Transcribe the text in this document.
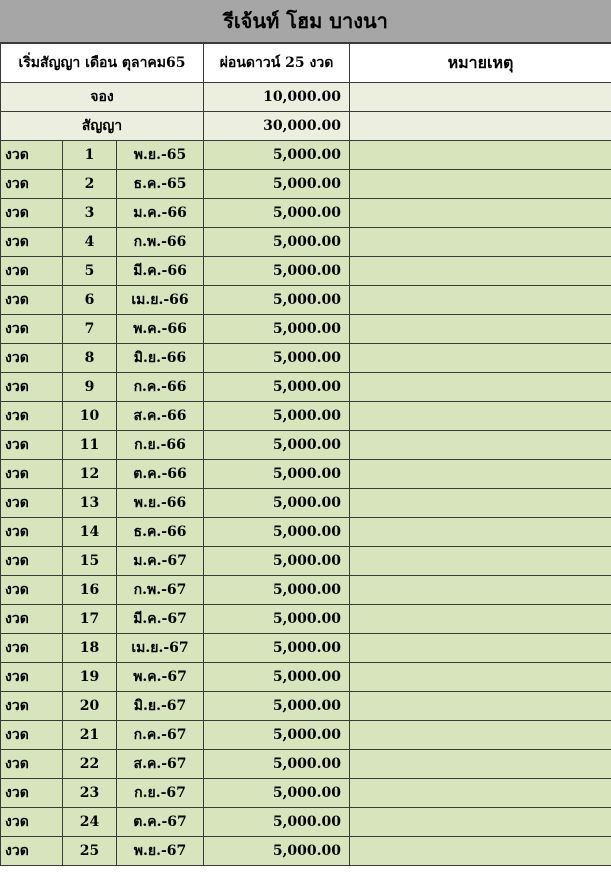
รีเจ้นท์ โฮม บางนา
เริ่มสัญญา เดือน ตุลาคม65			ผ่อนดาวน์ 25 งวด	หมายเหตุ
จอง			10,000.00	
สัญญา			30,000.00	
งวด	1	พ.ย.-65	5,000.00	
งวด	2	ธ.ค.-65	5,000.00	
งวด	3	ม.ค.-66	5,000.00	
งวด	4	ก.พ.-66	5,000.00	
งวด	5	มี.ค.-66	5,000.00	
งวด	6	เม.ย.-66	5,000.00	
งวด	7	พ.ค.-66	5,000.00	
งวด	8	มิ.ย.-66	5,000.00	
งวด	9	ก.ค.-66	5,000.00	
งวด	10	ส.ค.-66	5,000.00	
งวด	11	ก.ย.-66	5,000.00	
งวด	12	ต.ค.-66	5,000.00	
งวด	13	พ.ย.-66	5,000.00	
งวด	14	ธ.ค.-66	5,000.00	
งวด	15	ม.ค.-67	5,000.00	
งวด	16	ก.พ.-67	5,000.00	
งวด	17	มี.ค.-67	5,000.00	
งวด	18	เม.ย.-67	5,000.00	
งวด	19	พ.ค.-67	5,000.00	
งวด	20	มิ.ย.-67	5,000.00	
งวด	21	ก.ค.-67	5,000.00	
งวด	22	ส.ค.-67	5,000.00	
งวด	23	ก.ย.-67	5,000.00	
งวด	24	ต.ค.-67	5,000.00	
งวด	25	พ.ย.-67	5,000.00	
